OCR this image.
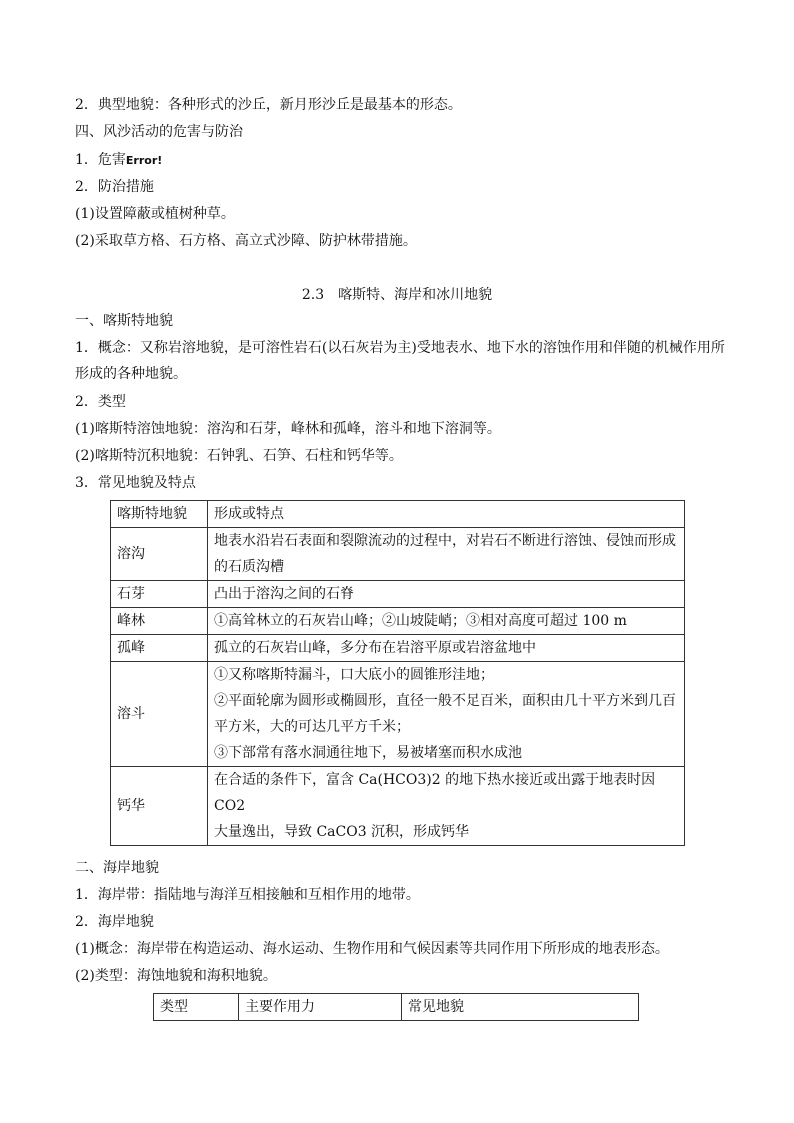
2．典型地貌：各种形式的沙丘，新月形沙丘是最基本的形态。
四、风沙活动的危害与防治
1．危害Error!
2．防治措施
(1)设置障蔽或植树种草。
(2)采取草方格、石方格、高立式沙障、防护林带措施。
2.3　喀斯特、海岸和冰川地貌
一、喀斯特地貌
1．概念：又称岩溶地貌，是可溶性岩石(以石灰岩为主)受地表水、地下水的溶蚀作用和伴随的机械作用所
形成的各种地貌。
2．类型
(1)喀斯特溶蚀地貌：溶沟和石芽，峰林和孤峰，溶斗和地下溶洞等。
(2)喀斯特沉积地貌：石钟乳、石笋、石柱和钙华等。
3．常见地貌及特点
喀斯特地貌	形成或特点
溶沟	地表水沿岩石表面和裂隙流动的过程中，对岩石不断进行溶蚀、侵蚀而形成
的石质沟槽

石芽	凸出于溶沟之间的石脊
峰林	①高耸林立的石灰岩山峰；②山坡陡峭；③相对高度可超过 100 m
孤峰	孤立的石灰岩山峰，多分布在岩溶平原或岩溶盆地中
溶斗	①又称喀斯特漏斗，口大底小的圆锥形洼地；
②平面轮廓为圆形或椭圆形，直径一般不足百米，面积由几十平方米到几百
平方米，大的可达几平方千米；
③下部常有落水洞通往地下，易被堵塞而积水成池

钙华	在合适的条件下，富含 Ca(HCO3)2 的地下热水接近或出露于地表时因 CO2
大量逸出，导致 CaCO3 沉积，形成钙华
二、海岸地貌
1．海岸带：指陆地与海洋互相接触和互相作用的地带。
2．海岸地貌
(1)概念：海岸带在构造运动、海水运动、生物作用和气候因素等共同作用下所形成的地表形态。
(2)类型：海蚀地貌和海积地貌。
类型	主要作用力	常见地貌
